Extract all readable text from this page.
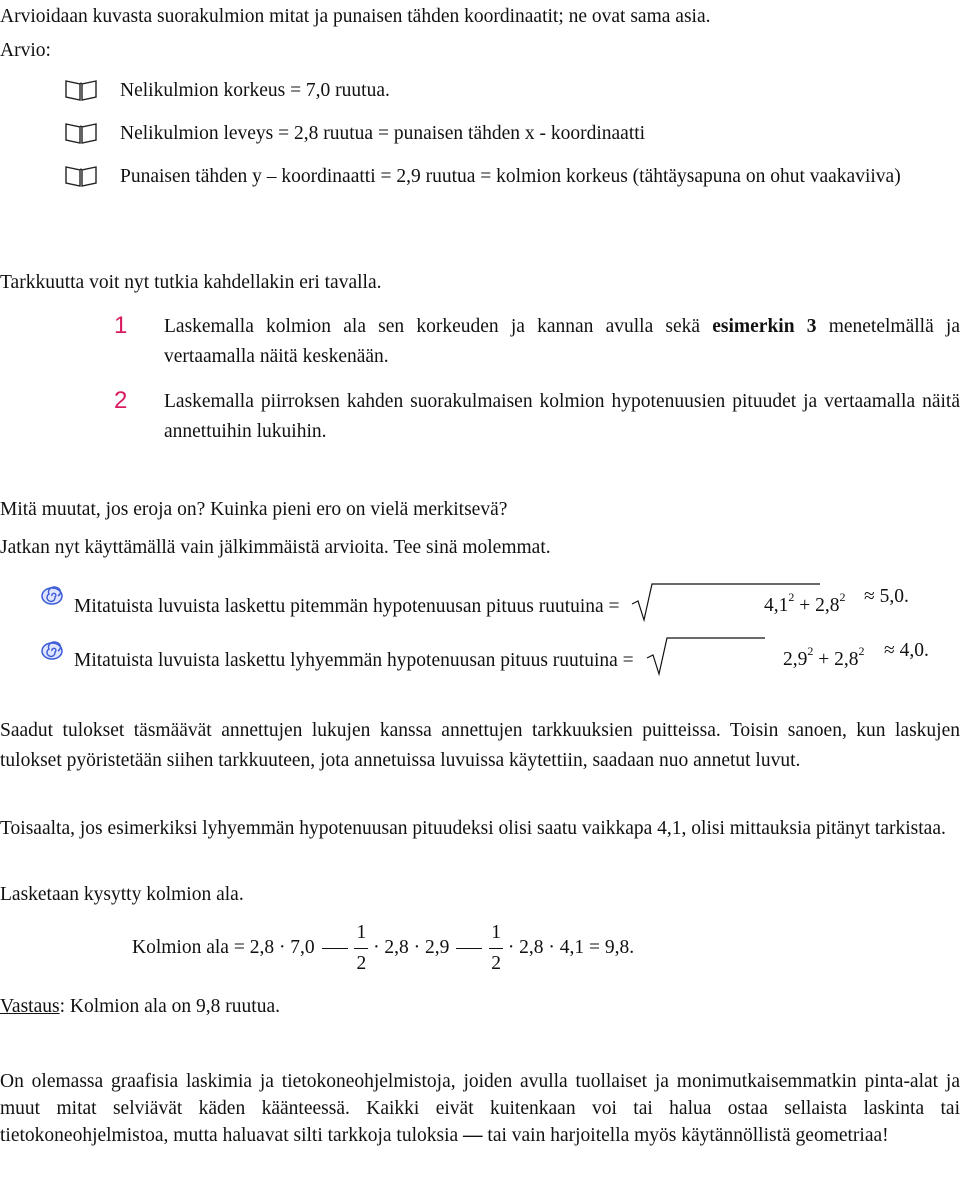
Arvioidaan kuvasta suorakulmion mitat ja punaisen tähden koordinaatit; ne ovat sama asia.

Arvio:

Nelikulmion korkeus = 7,0 ruutua.

Nelikulmion leveys = 2,8 ruutua = punaisen tähden x - koordinaatti

Punaisen tähden y – koordinaatti = 2,9 ruutua = kolmion korkeus (tähtäysapuna on ohut vaakaviiva)

Tarkkuutta voit nyt tutkia kahdellakin eri tavalla.

1 Laskemalla kolmion ala sen korkeuden ja kannan avulla sekä esimerkin 3 menetelmällä ja vertaamalla näitä keskenään.

2 Laskemalla piirroksen kahden suorakulmaisen kolmion hypotenuusien pituudet ja vertaamalla näitä annettuihin lukuihin.

Mitä muutat, jos eroja on? Kuinka pieni ero on vielä merkitsevä?

Jatkan nyt käyttämällä vain jälkimmäistä arvioita. Tee sinä molemmat.

Mitatuista luvuista laskettu pitemmän hypotenuusan pituus ruutuina =	$4,1^2 + 2,8^2 \approx 5,0$.
Mitatuista luvuista laskettu lyhyemmän hypotenuusan pituus ruutuina =	$2,9^2 + 2,8^2 \approx 4,0$.

Saadut tulokset täsmäävät annettujen lukujen kanssa annettujen tarkkuuksien puitteissa. Toisin sanoen, kun laskujen tulokset pyöristetään siihen tarkkuuteen, jota annetuissa luvuissa käytettiin, saadaan nuo annetut luvut.

Toisaalta, jos esimerkiksi lyhyemmän hypotenuusan pituudeksi olisi saatu vaikkapa 4,1, olisi mittauksia pitänyt tarkistaa.

Lasketaan kysytty kolmion ala.

Kolmion ala = $2,8 \cdot 7,0 \frac{1}{2} \cdot 2,8 \cdot 2,9 \frac{1}{2} \cdot 2,8 \cdot 4,1 = 9,8$.

Vastaus: Kolmion ala on 9,8 ruutua.

On olemassa graafisia laskimia ja tietokoneohjelmistoja, joiden avulla tuollaiset ja monimutkaisemmatkin pinta-alat ja muut mitat selviävät käden käänteessä. Kaikki eivät kuitenkaan voi tai halua ostaa sellaista laskinta tai tietokoneohjelmistoa, mutta haluavat silti tarkkoja tuloksia — tai vain harjoitella myös käytännöllistä geometriaa!
